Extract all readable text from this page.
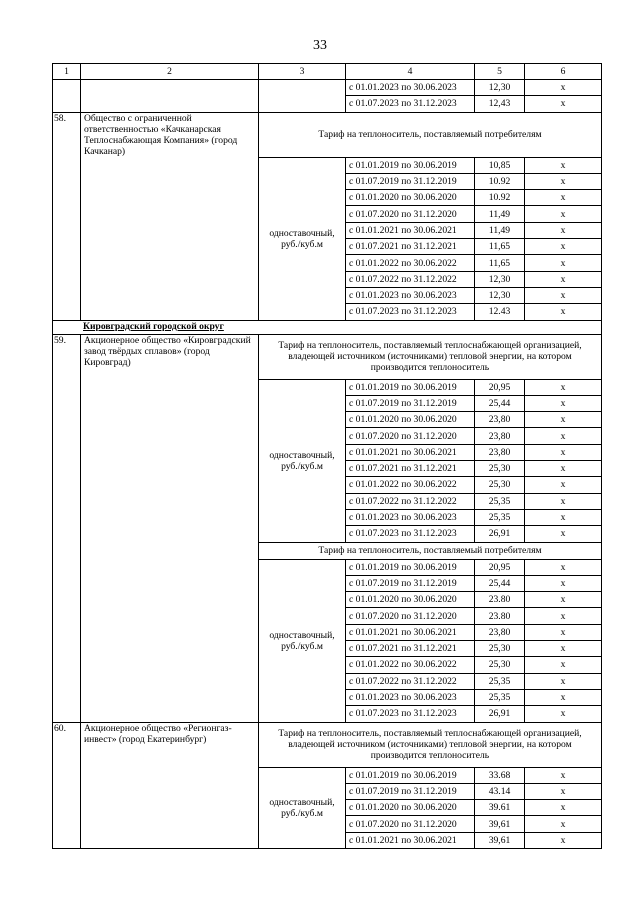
33
1	2	3	4	5	6
			с 01.01.2023 по 30.06.2023	12,30	x
			с 01.07.2023 по 31.12.2023	12,43	x
58.	Общество с ограниченной ответственностью «Качканарская Теплоснабжающая Компания» (город Качканар)	Тариф на теплоноситель, поставляемый потребителям			
		одноставочный, руб./куб.м	с 01.01.2019 по 30.06.2019	10,85	x
			с 01.07.2019 по 31.12.2019	10.92	x
			с 01.01.2020 по 30.06.2020	10.92	x
			с 01.07.2020 по 31.12.2020	11,49	x
			с 01.01.2021 по 30.06.2021	11,49	x
			с 01.07.2021 по 31.12.2021	11,65	x
			с 01.01.2022 по 30.06.2022	11,65	x
			с 01.07.2022 по 31.12.2022	12,30	x
			с 01.01.2023 по 30.06.2023	12,30	x
			с 01.07.2023 по 31.12.2023	12.43	x
Кировградский городской округ					
59.	Акционерное общество «Кировградский завод твёрдых сплавов» (город Кировград)	Тариф на теплоноситель, поставляемый теплоснабжающей организацией, владеющей источником (источниками) тепловой энергии, на котором производится теплоноситель			
		одноставочный, руб./куб.м	с 01.01.2019 по 30.06.2019	20,95	x
			с 01.07.2019 по 31.12.2019	25,44	x
			с 01.01.2020 по 30.06.2020	23,80	x
			с 01.07.2020 по 31.12.2020	23,80	x
			с 01.01.2021 по 30.06.2021	23,80	x
			с 01.07.2021 по 31.12.2021	25,30	x
			с 01.01.2022 по 30.06.2022	25,30	x
			с 01.07.2022 по 31.12.2022	25,35	x
			с 01.01.2023 по 30.06.2023	25,35	x
			с 01.07.2023 по 31.12.2023	26,91	x
		Тариф на теплоноситель, поставляемый потребителям			
		одноставочный, руб./куб.м	с 01.01.2019 по 30.06.2019	20,95	x
			с 01.07.2019 по 31.12.2019	25,44	x
			с 01.01.2020 по 30.06.2020	23.80	x
			с 01.07.2020 по 31.12.2020	23.80	x
			с 01.01.2021 по 30.06.2021	23,80	x
			с 01.07.2021 по 31.12.2021	25,30	x
			с 01.01.2022 по 30.06.2022	25,30	x
			с 01.07.2022 по 31.12.2022	25,35	x
			с 01.01.2023 по 30.06.2023	25,35	x
			с 01.07.2023 по 31.12.2023	26,91	x
60.	Акционерное общество «Регионгаз-инвест» (город Екатеринбург)	Тариф на теплоноситель, поставляемый теплоснабжающей организацией, владеющей источником (источниками) тепловой энергии, на котором производится теплоноситель			
		одноставочный, руб./куб.м	с 01.01.2019 по 30.06.2019	33.68	x
			с 01.07.2019 по 31.12.2019	43.14	x
			с 01.01.2020 по 30.06.2020	39.61	x
			с 01.07.2020 по 31.12.2020	39,61	x
			с 01.01.2021 по 30.06.2021	39,61	x
